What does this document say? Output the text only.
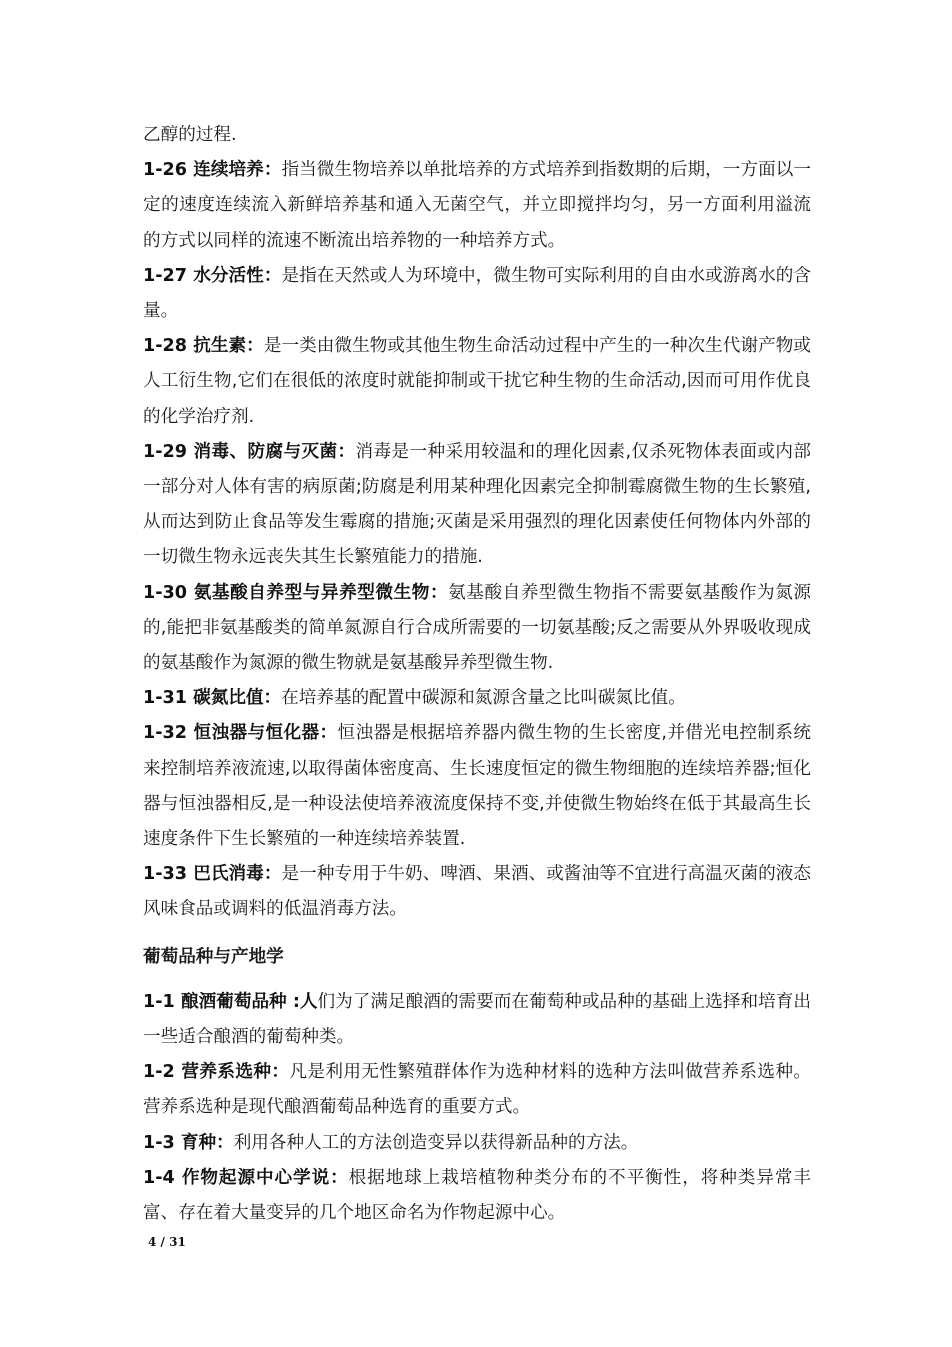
乙醇的过程.

1-26 连续培养：指当微生物培养以单批培养的方式培养到指数期的后期，一方面以一定的速度连续流入新鲜培养基和通入无菌空气，并立即搅拌均匀，另一方面利用溢流的方式以同样的流速不断流出培养物的一种培养方式。

1-27 水分活性：是指在天然或人为环境中，微生物可实际利用的自由水或游离水的含量。

1-28 抗生素：是一类由微生物或其他生物生命活动过程中产生的一种次生代谢产物或人工衍生物,它们在很低的浓度时就能抑制或干扰它种生物的生命活动,因而可用作优良的化学治疗剂.

1-29 消毒、防腐与灭菌：消毒是一种采用较温和的理化因素,仅杀死物体表面或内部一部分对人体有害的病原菌;防腐是利用某种理化因素完全抑制霉腐微生物的生长繁殖,从而达到防止食品等发生霉腐的措施;灭菌是采用强烈的理化因素使任何物体内外部的一切微生物永远丧失其生长繁殖能力的措施.

1-30 氨基酸自养型与异养型微生物：氨基酸自养型微生物指不需要氨基酸作为氮源的,能把非氨基酸类的简单氮源自行合成所需要的一切氨基酸;反之需要从外界吸收现成的氨基酸作为氮源的微生物就是氨基酸异养型微生物.

1-31 碳氮比值：在培养基的配置中碳源和氮源含量之比叫碳氮比值。

1-32 恒浊器与恒化器：恒浊器是根据培养器内微生物的生长密度,并借光电控制系统来控制培养液流速,以取得菌体密度高、生长速度恒定的微生物细胞的连续培养器;恒化器与恒浊器相反,是一种设法使培养液流度保持不变,并使微生物始终在低于其最高生长速度条件下生长繁殖的一种连续培养装置.

1-33 巴氏消毒：是一种专用于牛奶、啤酒、果酒、或酱油等不宜进行高温灭菌的液态风味食品或调料的低温消毒方法。

葡萄品种与产地学

1-1 酿酒葡萄品种 :人们为了满足酿酒的需要而在葡萄种或品种的基础上选择和培育出一些适合酿酒的葡萄种类。

1-2 营养系选种：凡是利用无性繁殖群体作为选种材料的选种方法叫做营养系选种。营养系选种是现代酿酒葡萄品种选育的重要方式。

1-3 育种：利用各种人工的方法创造变异以获得新品种的方法。

1-4 作物起源中心学说：根据地球上栽培植物种类分布的不平衡性，将种类异常丰富、存在着大量变异的几个地区命名为作物起源中心。

4 / 31
